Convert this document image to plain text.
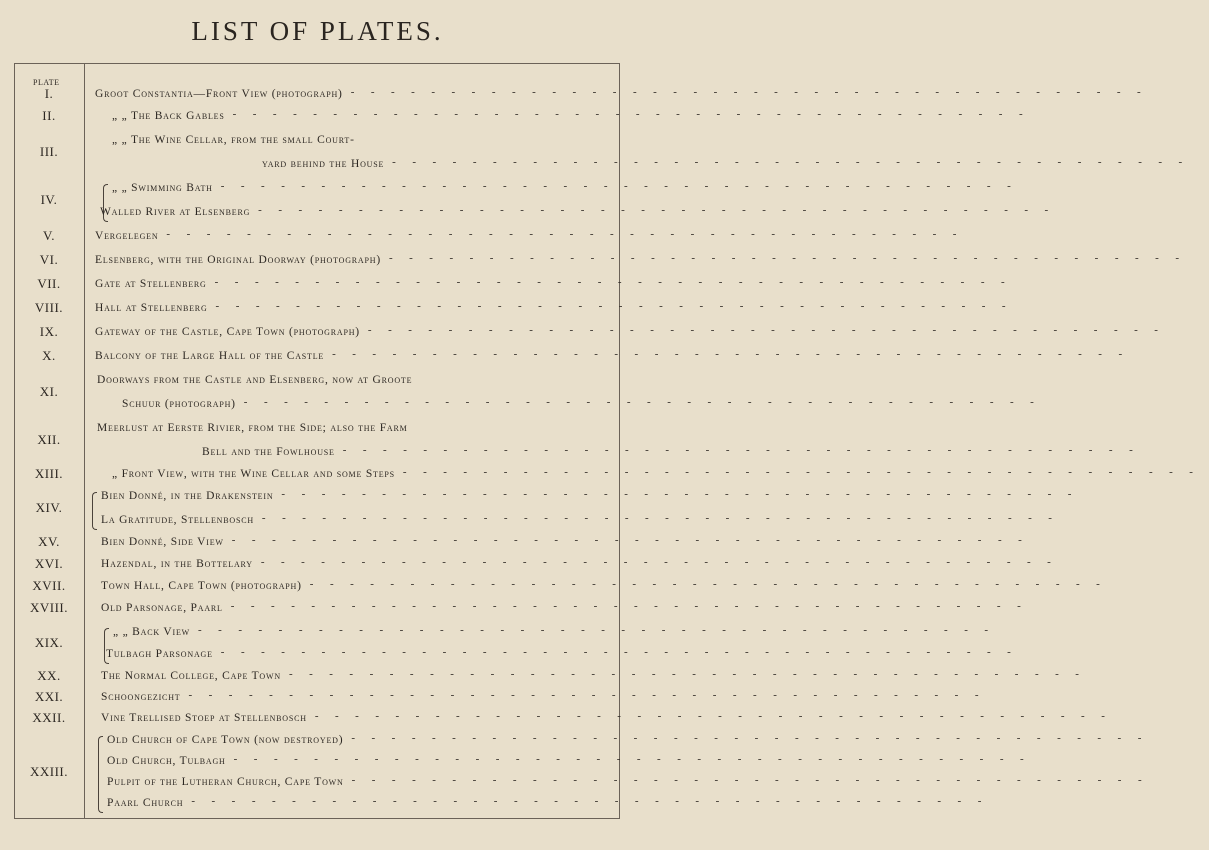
LIST OF PLATES.
PLATE
I.	Groot Constantia—Front View (photograph) -  -  -  -  -  -  -  -  -  -  -  -  -  -  -  -  -  -  -  -  -  -  -  -  -  -  -  -  -  -  -  -  -  -  -  -  -  -  -  -  
II.	„ „ The Back Gables -  -  -  -  -  -  -  -  -  -  -  -  -  -  -  -  -  -  -  -  -  -  -  -  -  -  -  -  -  -  -  -  -  -  -  -  -  -  -  -  
III.
„ „ The Wine Cellar, from the small Court-
yard behind the House -  -  -  -  -  -  -  -  -  -  -  -  -  -  -  -  -  -  -  -  -  -  -  -  -  -  -  -  -  -  -  -  -  -  -  -  -  -  -  -  
IV.
„ „ Swimming Bath -  -  -  -  -  -  -  -  -  -  -  -  -  -  -  -  -  -  -  -  -  -  -  -  -  -  -  -  -  -  -  -  -  -  -  -  -  -  -  -  
Walled River at Elsenberg -  -  -  -  -  -  -  -  -  -  -  -  -  -  -  -  -  -  -  -  -  -  -  -  -  -  -  -  -  -  -  -  -  -  -  -  -  -  -  -  
V.	Vergelegen -  -  -  -  -  -  -  -  -  -  -  -  -  -  -  -  -  -  -  -  -  -  -  -  -  -  -  -  -  -  -  -  -  -  -  -  -  -  -  -  
VI.	Elsenberg, with the Original Doorway (photograph) -  -  -  -  -  -  -  -  -  -  -  -  -  -  -  -  -  -  -  -  -  -  -  -  -  -  -  -  -  -  -  -  -  -  -  -  -  -  -  -  
VII.	Gate at Stellenberg -  -  -  -  -  -  -  -  -  -  -  -  -  -  -  -  -  -  -  -  -  -  -  -  -  -  -  -  -  -  -  -  -  -  -  -  -  -  -  -  
VIII.	Hall at Stellenberg -  -  -  -  -  -  -  -  -  -  -  -  -  -  -  -  -  -  -  -  -  -  -  -  -  -  -  -  -  -  -  -  -  -  -  -  -  -  -  -  
IX.	Gateway of the Castle, Cape Town (photograph) -  -  -  -  -  -  -  -  -  -  -  -  -  -  -  -  -  -  -  -  -  -  -  -  -  -  -  -  -  -  -  -  -  -  -  -  -  -  -  -  
X.	Balcony of the Large Hall of the Castle -  -  -  -  -  -  -  -  -  -  -  -  -  -  -  -  -  -  -  -  -  -  -  -  -  -  -  -  -  -  -  -  -  -  -  -  -  -  -  -  
XI.
Doorways from the Castle and Elsenberg, now at Groote
Schuur (photograph) -  -  -  -  -  -  -  -  -  -  -  -  -  -  -  -  -  -  -  -  -  -  -  -  -  -  -  -  -  -  -  -  -  -  -  -  -  -  -  -  
XII.
Meerlust at Eerste Rivier, from the Side; also the Farm
Bell and the Fowlhouse -  -  -  -  -  -  -  -  -  -  -  -  -  -  -  -  -  -  -  -  -  -  -  -  -  -  -  -  -  -  -  -  -  -  -  -  -  -  -  -  
XIII.	„ Front View, with the Wine Cellar and some Steps -  -  -  -  -  -  -  -  -  -  -  -  -  -  -  -  -  -  -  -  -  -  -  -  -  -  -  -  -  -  -  -  -  -  -  -  -  -  -  -  
XIV.
Bien Donné, in the Drakenstein -  -  -  -  -  -  -  -  -  -  -  -  -  -  -  -  -  -  -  -  -  -  -  -  -  -  -  -  -  -  -  -  -  -  -  -  -  -  -  -  
La Gratitude, Stellenbosch -  -  -  -  -  -  -  -  -  -  -  -  -  -  -  -  -  -  -  -  -  -  -  -  -  -  -  -  -  -  -  -  -  -  -  -  -  -  -  -  
XV.	Bien Donné, Side View -  -  -  -  -  -  -  -  -  -  -  -  -  -  -  -  -  -  -  -  -  -  -  -  -  -  -  -  -  -  -  -  -  -  -  -  -  -  -  -  
XVI.	Hazendal, in the Bottelary -  -  -  -  -  -  -  -  -  -  -  -  -  -  -  -  -  -  -  -  -  -  -  -  -  -  -  -  -  -  -  -  -  -  -  -  -  -  -  -  
XVII.	Town Hall, Cape Town (photograph) -  -  -  -  -  -  -  -  -  -  -  -  -  -  -  -  -  -  -  -  -  -  -  -  -  -  -  -  -  -  -  -  -  -  -  -  -  -  -  -  
XVIII.	Old Parsonage, Paarl -  -  -  -  -  -  -  -  -  -  -  -  -  -  -  -  -  -  -  -  -  -  -  -  -  -  -  -  -  -  -  -  -  -  -  -  -  -  -  -  
XIX.
„ „ Back View -  -  -  -  -  -  -  -  -  -  -  -  -  -  -  -  -  -  -  -  -  -  -  -  -  -  -  -  -  -  -  -  -  -  -  -  -  -  -  -  
Tulbagh Parsonage -  -  -  -  -  -  -  -  -  -  -  -  -  -  -  -  -  -  -  -  -  -  -  -  -  -  -  -  -  -  -  -  -  -  -  -  -  -  -  -  
XX.	The Normal College, Cape Town -  -  -  -  -  -  -  -  -  -  -  -  -  -  -  -  -  -  -  -  -  -  -  -  -  -  -  -  -  -  -  -  -  -  -  -  -  -  -  -  
XXI.	Schoongezicht -  -  -  -  -  -  -  -  -  -  -  -  -  -  -  -  -  -  -  -  -  -  -  -  -  -  -  -  -  -  -  -  -  -  -  -  -  -  -  -  
XXII.	Vine Trellised Stoep at Stellenbosch -  -  -  -  -  -  -  -  -  -  -  -  -  -  -  -  -  -  -  -  -  -  -  -  -  -  -  -  -  -  -  -  -  -  -  -  -  -  -  -  
XXIII.
Old Church of Cape Town (now destroyed) -  -  -  -  -  -  -  -  -  -  -  -  -  -  -  -  -  -  -  -  -  -  -  -  -  -  -  -  -  -  -  -  -  -  -  -  -  -  -  -  
Old Church, Tulbagh -  -  -  -  -  -  -  -  -  -  -  -  -  -  -  -  -  -  -  -  -  -  -  -  -  -  -  -  -  -  -  -  -  -  -  -  -  -  -  -  
Pulpit of the Lutheran Church, Cape Town -  -  -  -  -  -  -  -  -  -  -  -  -  -  -  -  -  -  -  -  -  -  -  -  -  -  -  -  -  -  -  -  -  -  -  -  -  -  -  -  
Paarl Church -  -  -  -  -  -  -  -  -  -  -  -  -  -  -  -  -  -  -  -  -  -  -  -  -  -  -  -  -  -  -  -  -  -  -  -  -  -  -  -  
